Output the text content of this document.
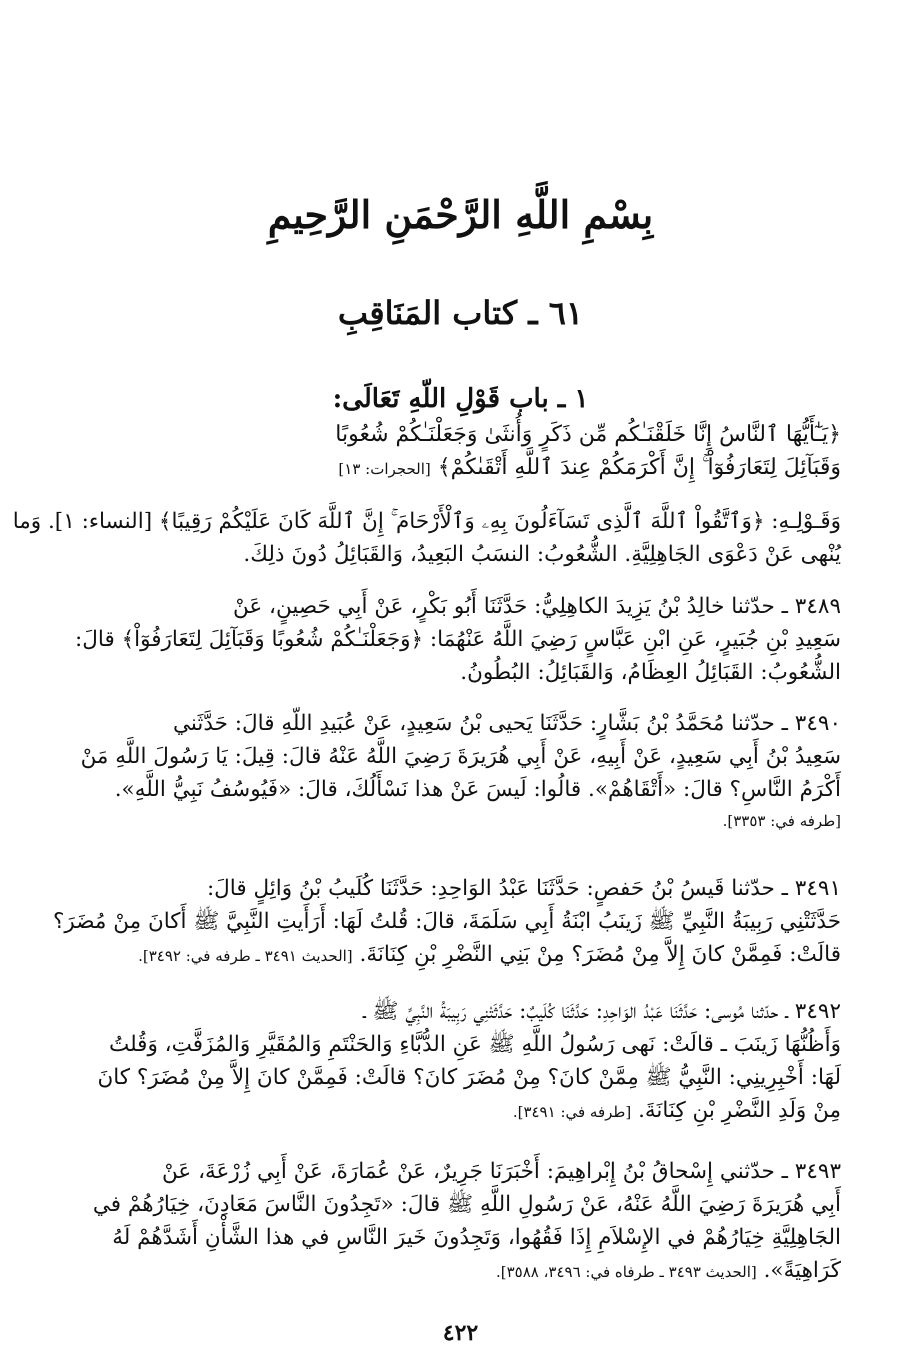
بِسْمِ اللَّهِ الرَّحْمَنِ الرَّحِيمِ
٦١ ـ كتاب المَنَاقِبِ
١ ـ باب قَوْلِ اللّهِ تَعَالَى:
﴿يَـٰٓأَيُّهَا ٱلنَّاسُ إِنَّا خَلَقْنَـٰكُم مِّن ذَكَرٍ وَأُنثَىٰ وَجَعَلْنَـٰكُمْ شُعُوبًا
وَقَبَآئِلَ لِتَعَارَفُوٓاْ ۚ إِنَّ أَكْرَمَكُمْ عِندَ ٱللَّهِ أَتْقَىٰكُمْ﴾ [الحجرات: ١٣]
وَقَـوْلِـهِ: ﴿وَٱتَّقُواْ ٱللَّهَ ٱلَّذِى تَسَآءَلُونَ بِهِۦ وَٱلْأَرْحَامَ ۚ إِنَّ ٱللَّهَ كَانَ عَلَيْكُمْ رَقِيبًا﴾ [النساء: ١]. وَما
يُنْهى عَنْ دَعْوَى الجَاهِلِيَّةِ. الشُّعُوبُ: النسَبُ البَعِيدُ، وَالقَبَائِلُ دُونَ ذلِكَ.
٣٤٨٩ ـ حدّثنا خالِدُ بْنُ يَزِيدَ الكاهِلِيُّ: حَدَّثَنَا أَبُو بَكْرٍ، عَنْ أَبِي حَصِينٍ، عَنْ
سَعِيدِ بْنِ جُبَيرٍ، عَنِ ابْنِ عَبَّاسٍ رَضِيَ اللَّهُ عَنْهُمَا: ﴿وَجَعَلْنَـٰكُمْ شُعُوبًا وَقَبَآئِلَ لِتَعَارَفُوٓاْ﴾ قالَ:
الشُّعُوبُ: القَبَائِلُ العِظَامُ، وَالقَبَائِلُ: البُطُونُ.
٣٤٩٠ ـ حدّثنا مُحَمَّدُ بْنُ بَشَّارٍ: حَدَّثَنَا يَحيى بْنُ سَعِيدٍ، عَنْ عُبَيدِ اللّهِ قالَ: حَدَّثَني
سَعِيدُ بْنُ أَبِي سَعِيدٍ، عَنْ أَبِيهِ، عَنْ أَبِي هُرَيرَةَ رَضِيَ اللَّهُ عَنْهُ قالَ: قِيلَ: يَا رَسُولَ اللَّهِ مَنْ
أَكْرَمُ النَّاسِ؟ قالَ: «أَتْقَاهُمْ». قالُوا: لَيسَ عَنْ هذا نَسْأَلُكَ، قالَ: «فَيُوسُفُ نَبِيُّ اللَّهِ».
[طرفه في: ٣٣٥٣].
٣٤٩١ ـ حدّثنا قَيسُ بْنُ حَفصٍ: حَدَّثَنَا عَبْدُ الوَاحِدِ: حَدَّثَنَا كُلَيبُ بْنُ وَائِلٍ قالَ:
حَدَّثَتْنِي رَبِيبَةُ النَّبِيِّ ﷺ زَينَبُ ابْنَةُ أَبِي سَلَمَةَ، قالَ: قُلتُ لَهَا: أَرَأَيتِ النَّبِيَّ ﷺ أَكانَ مِنْ مُضَرَ؟
قالَتْ: فَمِمَّنْ كانَ إِلاَّ مِنْ مُضَرَ؟ مِنْ بَنِي النَّضْرِ بْنِ كِنَانَةَ. [الحديث ٣٤٩١ ـ طرفه في: ٣٤٩٢].
٣٤٩٢ ـ حدّثنا مُوسى: حَدَّثَنَا عَبْدُ الوَاحِدِ: حَدَّثَنَا كُلَيبٌ: حَدَّثَتْنِي رَبِيبَةُ النَّبِيِّ ﷺ ـ
وَأَظُنُّهَا زَينَبَ ـ قالَتْ: نَهى رَسُولُ اللَّهِ ﷺ عَنِ الدُّبَّاءِ وَالحَنْتَمِ وَالمُقَيَّرِ وَالمُزَفَّتِ، وَقُلتُ
لَهَا: أَخْبِرِينِي: النَّبِيُّ ﷺ مِمَّنْ كانَ؟ مِنْ مُضَرَ كانَ؟ قالَتْ: فَمِمَّنْ كانَ إِلاَّ مِنْ مُضَرَ؟ كانَ
مِنْ وَلَدِ النَّضْرِ بْنِ كِنَانَةَ. [طرفه في: ٣٤٩١].
٣٤٩٣ ـ حدّثني إِسْحاقُ بْنُ إِبْراهِيمَ: أَخْبَرَنَا جَرِيرٌ، عَنْ عُمَارَةَ، عَنْ أَبِي زُرْعَةَ، عَنْ
أَبِي هُرَيرَةَ رَضِيَ اللَّهُ عَنْهُ، عَنْ رَسُولِ اللَّهِ ﷺ قالَ: «تَجِدُونَ النَّاسَ مَعَادِنَ، خِيَارُهُمْ في
الجَاهِلِيَّةِ خِيَارُهُمْ في الإِسْلاَمِ إِذَا فَقُهُوا، وَتَجِدُونَ خَيرَ النَّاسِ في هذا الشَّأْنِ أَشَدَّهُمْ لَهُ
كَرَاهِيَةً». [الحديث ٣٤٩٣ ـ طرفاه في: ٣٤٩٦، ٣٥٨٨].
٤٢٢
